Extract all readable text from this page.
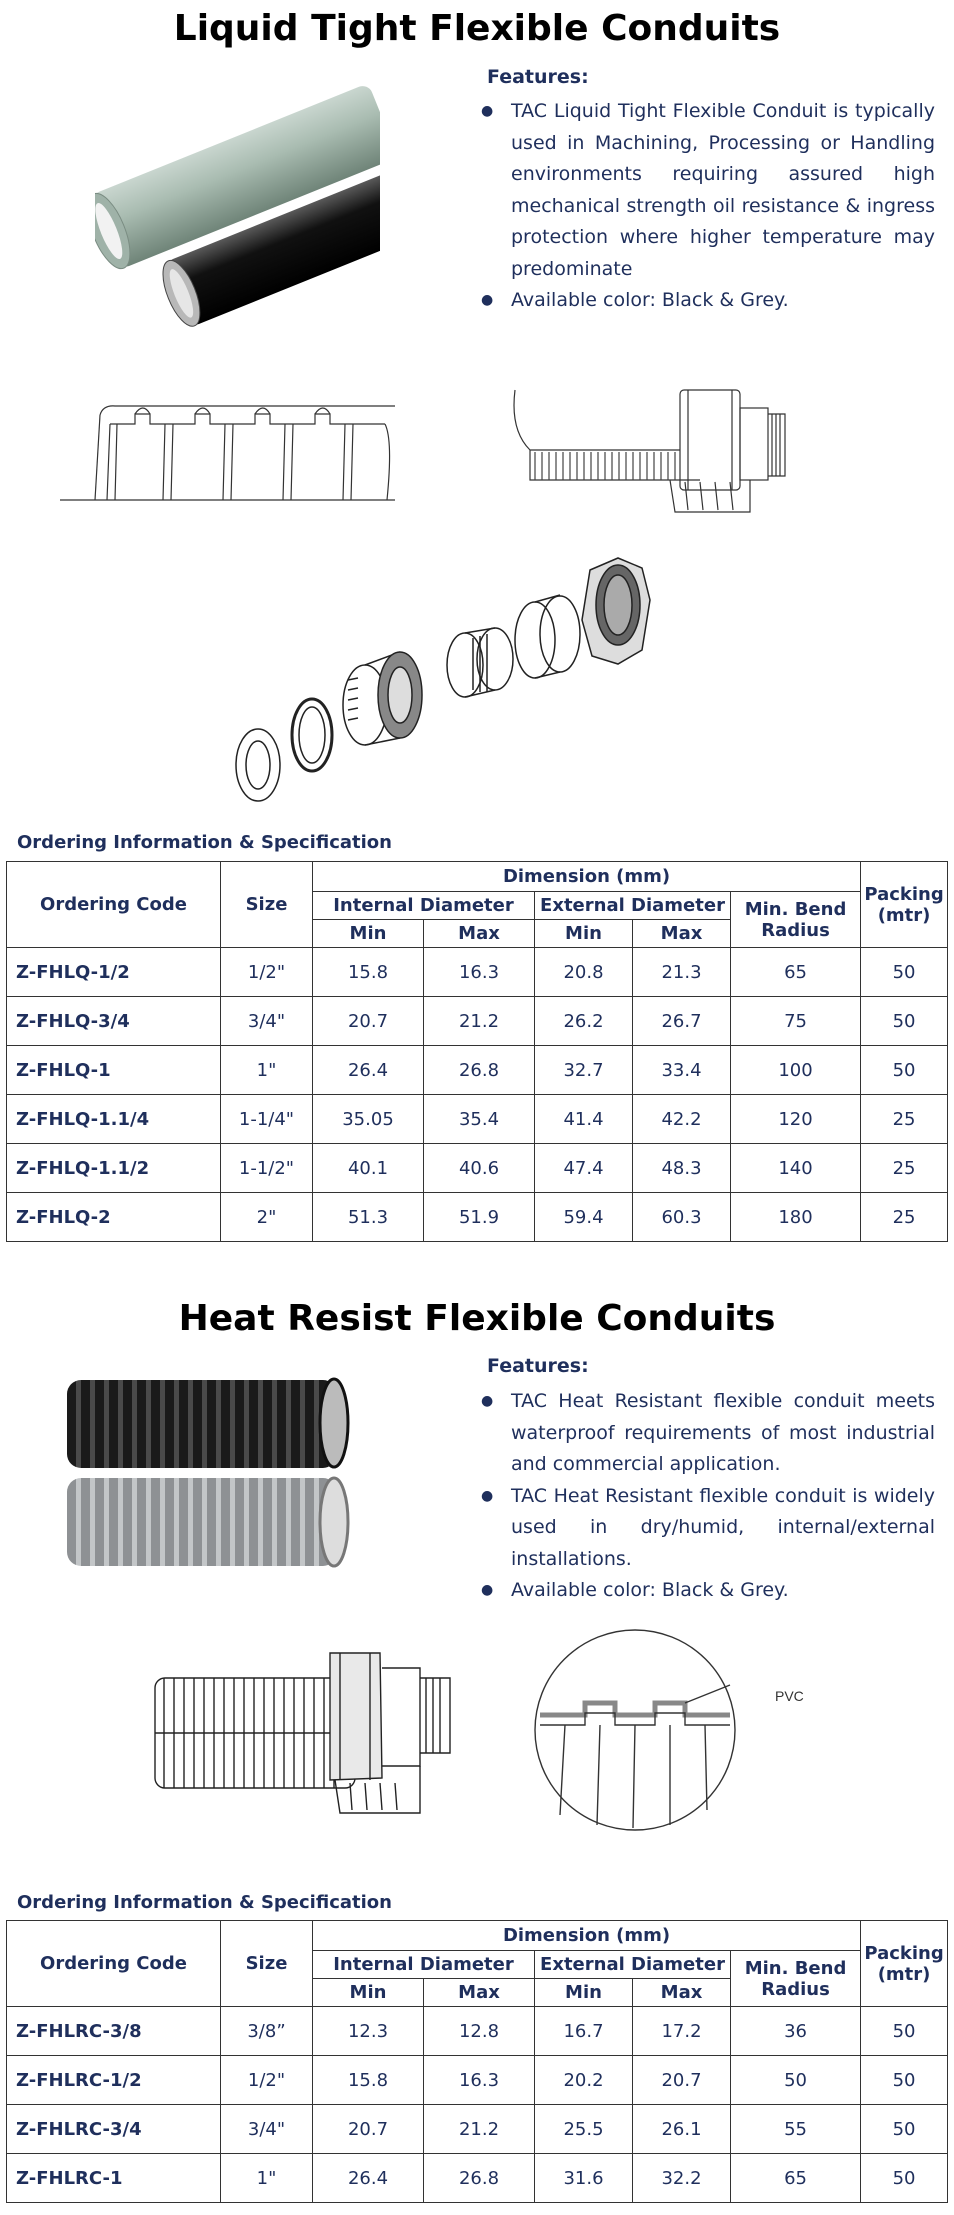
Liquid Tight Flexible Conduits
Features:
● TAC Liquid Tight Flexible Conduit is typically used in Machining, Processing or Handling environments requiring assured high mechanical strength oil resistance & ingress protection where higher temperature may predominate
● Available color: Black & Grey.
Ordering Information & Specification
Ordering Code	Size	Dimension (mm)					Packing (mtr)
		Internal Diameter		External Diameter		Min. Bend Radius	
		Min	Max	Min	Max		
Z-FHLQ-1/2	1/2"	15.8	16.3	20.8	21.3	65	50
Z-FHLQ-3/4	3/4"	20.7	21.2	26.2	26.7	75	50
Z-FHLQ-1	1"	26.4	26.8	32.7	33.4	100	50
Z-FHLQ-1.1/4	1-1/4"	35.05	35.4	41.4	42.2	120	25
Z-FHLQ-1.1/2	1-1/2"	40.1	40.6	47.4	48.3	140	25
Z-FHLQ-2	2"	51.3	51.9	59.4	60.3	180	25
Heat Resist Flexible Conduits
Features:
● TAC Heat Resistant flexible conduit meets waterproof requirements of most industrial and commercial application.
● TAC Heat Resistant flexible conduit is widely used in dry/humid, internal/external installations.
● Available color: Black & Grey.
PVC
Ordering Information & Specification
Ordering Code	Size	Dimension (mm)					Packing (mtr)
		Internal Diameter		External Diameter		Min. Bend Radius	
		Min	Max	Min	Max		
Z-FHLRC-3/8	3/8”	12.3	12.8	16.7	17.2	36	50
Z-FHLRC-1/2	1/2"	15.8	16.3	20.2	20.7	50	50
Z-FHLRC-3/4	3/4"	20.7	21.2	25.5	26.1	55	50
Z-FHLRC-1	1"	26.4	26.8	31.6	32.2	65	50
